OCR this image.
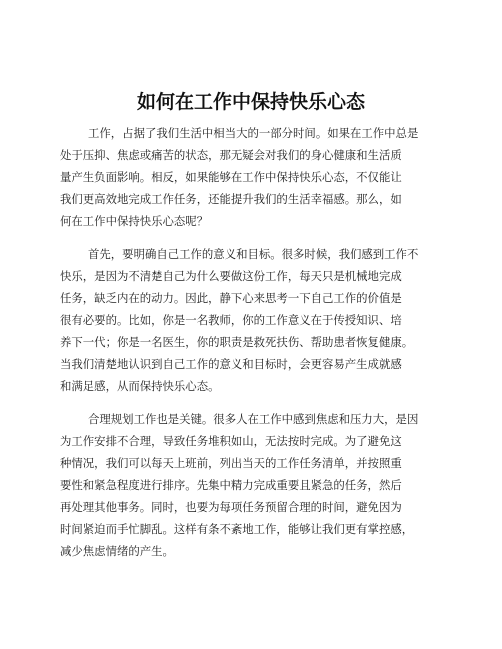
如何在工作中保持快乐心态

工作，占据了我们生活中相当大的一部分时间。如果在工作中总是

处于压抑、焦虑或痛苦的状态，那无疑会对我们的身心健康和生活质

量产生负面影响。相反，如果能够在工作中保持快乐心态，不仅能让

我们更高效地完成工作任务，还能提升我们的生活幸福感。那么，如

何在工作中保持快乐心态呢？

首先，要明确自己工作的意义和目标。很多时候，我们感到工作不

快乐，是因为不清楚自己为什么要做这份工作，每天只是机械地完成

任务，缺乏内在的动力。因此，静下心来思考一下自己工作的价值是

很有必要的。比如，你是一名教师，你的工作意义在于传授知识、培

养下一代；你是一名医生，你的职责是救死扶伤、帮助患者恢复健康。

当我们清楚地认识到自己工作的意义和目标时，会更容易产生成就感

和满足感，从而保持快乐心态。

合理规划工作也是关键。很多人在工作中感到焦虑和压力大，是因

为工作安排不合理，导致任务堆积如山，无法按时完成。为了避免这

种情况，我们可以每天上班前，列出当天的工作任务清单，并按照重

要性和紧急程度进行排序。先集中精力完成重要且紧急的任务，然后

再处理其他事务。同时，也要为每项任务预留合理的时间，避免因为

时间紧迫而手忙脚乱。这样有条不紊地工作，能够让我们更有掌控感，

减少焦虑情绪的产生。
